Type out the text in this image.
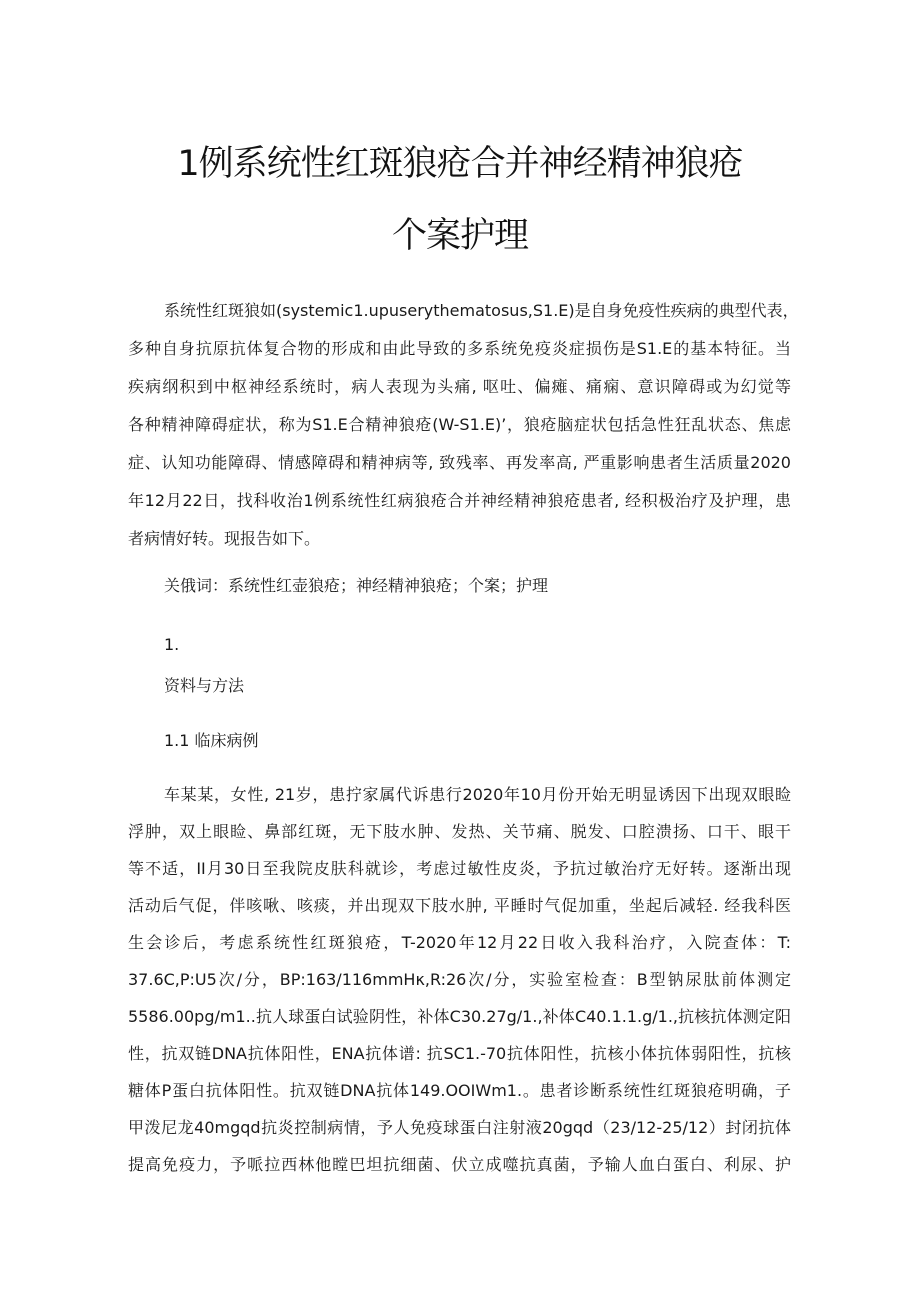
1例系统性红斑狼疮合并神经精神狼疮
个案护理
系统性红斑狼如(systemic1.upuserythematosus,S1.E)是自身免疫性疾病的典型代表，
多种自身抗原抗体复合物的形成和由此导致的多系统免疫炎症损伤是S1.E的基本特征。当
疾病纲积到中枢神经系统时，病人表现为头痛, 呕吐、偏瘫、痛痫、意识障碍或为幻觉等
各种精神障碍症状，称为S1.E合精神狼疮(W-S1.E)’，狼疮脑症状包括急性狂乱状态、焦虑
症、认知功能障碍、情感障碍和精神病等, 致残率、再发率高, 严重影响患者生活质量2020
年12月22日，找科收治1例系统性红病狼疮合并神经精神狼疮患者, 经积极治疗及护理，患
者病情好转。现报告如下。
关俄词：系统性红壶狼疮；神经精神狼疮；个案；护理
1.
资料与方法
1.1 临床病例
车某某，女性, 21岁，患拧家属代诉患行2020年10月份开始无明显诱因下出现双眼睑
浮肿，双上眼睑、鼻部红斑，无下肢水肿、发热、关节痛、脱发、口腔溃扬、口干、眼干
等不适，II月30日至我院皮肤科就诊，考虑过敏性皮炎，予抗过敏治疗无好转。逐渐出现
活动后气促，伴咳啾、咳痰，并出现双下肢水肿, 平睡时气促加重，坐起后减轻. 经我科医
生会诊后，考虑系统性红斑狼疮，T-2020年12月22日收入我科治疗，入院查体：T:
37.6C,P:U5次/分，BP:163/116mmHκ,R:26次/分，实验室检查：B型钠尿肽前体测定
5586.00pg/m1..抗人球蛋白试验阴性，补体C30.27g/1.,补体C40.1.1.g/1.,抗核抗体测定阳
性，抗双链DNA抗体阳性，ENA抗体谱: 抗SC1.-70抗体阳性，抗核小体抗体弱阳性，抗核
糖体P蛋白抗体阳性。抗双链DNA抗体149.OOIWm1.。患者诊断系统性红斑狼疮明确，子
甲泼尼龙40mgqd抗炎控制病情，予人免疫球蛋白注射液20gqd（23/12-25/12）封闭抗体
提高免疫力，予哌拉西林他瞠巴坦抗细菌、伏立成噬抗真菌，予输人血白蛋白、利尿、护
